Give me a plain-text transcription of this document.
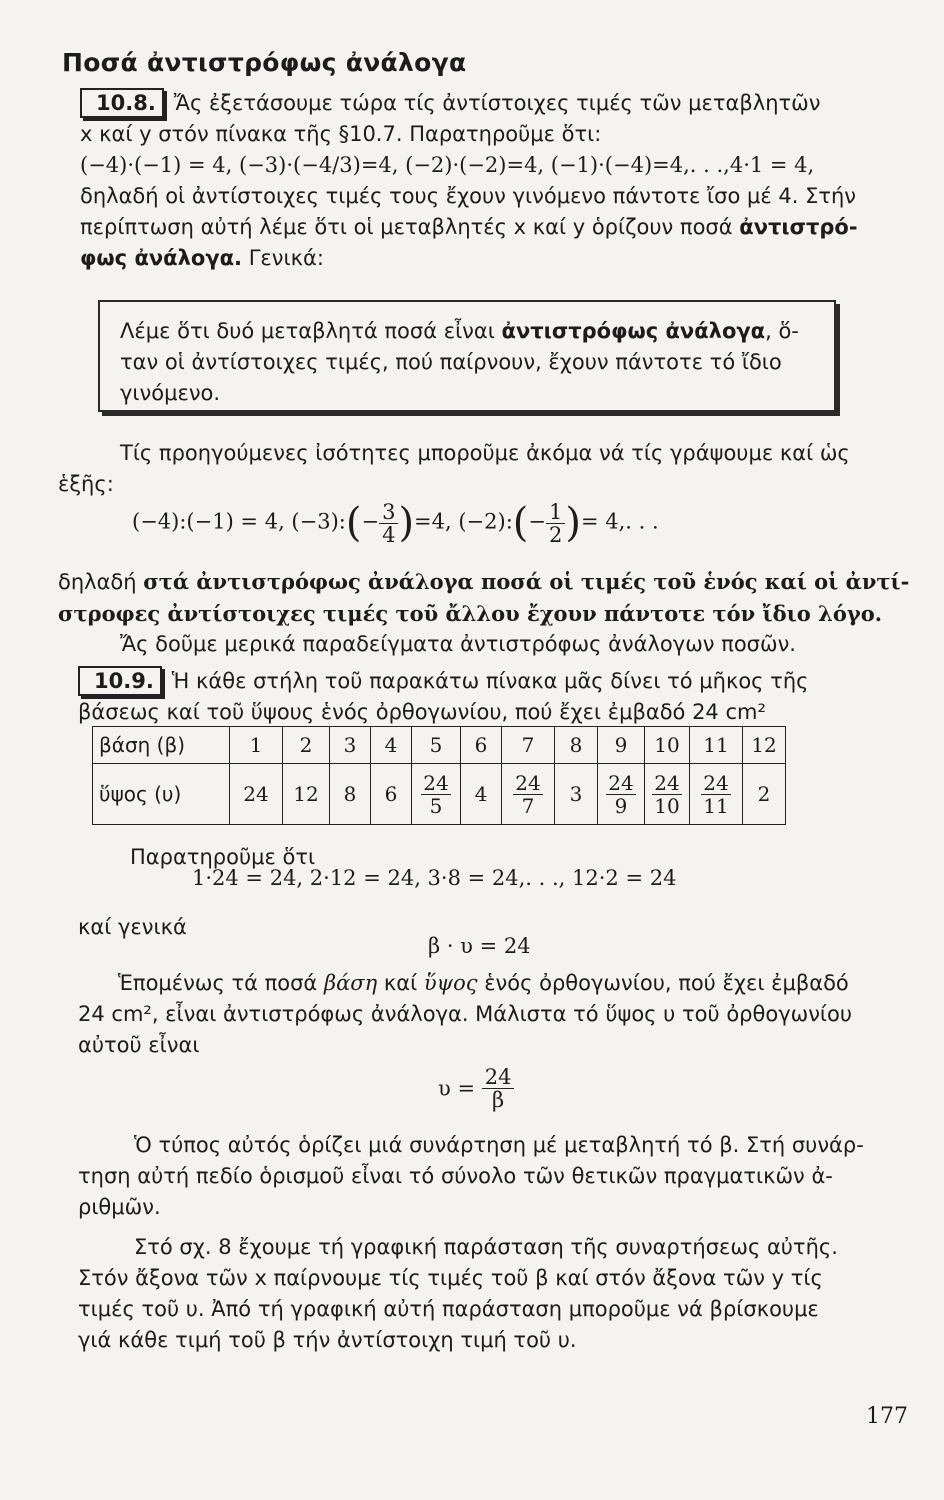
Ποσά ἀντιστρόφως ἀνάλογα
10.8. Ἄς ἐξετάσουμε τώρα τίς ἀντίστοιχες τιμές τῶν μεταβλητῶν
x καί y στόν πίνακα τῆς §10.7. Παρατηροῦμε ὅτι:
(−4)·(−1) = 4, (−3)·(−4/3)=4, (−2)·(−2)=4, (−1)·(−4)=4,. . .,4·1 = 4,
δηλαδή οἱ ἀντίστοιχες τιμές τους ἔχουν γινόμενο πάντοτε ἴσο μέ 4. Στήν
περίπτωση αὐτή λέμε ὅτι οἱ μεταβλητές x καί y ὁρίζουν ποσά ἀντιστρό-
φως ἀνάλογα. Γενικά:
Λέμε ὅτι δυό μεταβλητά ποσά εἶναι ἀντιστρόφως ἀνάλογα, ὅ-
ταν οἱ ἀντίστοιχες τιμές, πού παίρνουν, ἔχουν πάντοτε τό ἴδιο
γινόμενο.
Τίς προηγούμενες ἰσότητες μποροῦμε ἀκόμα νά τίς γράψουμε καί ὡς
ἑξῆς:
(−4):(−1) = 4, (−3):(− $\frac{3}{4} )=4$, (−2):(− $\frac{1}{2}$ )= 4,. . .
δηλαδή στά ἀντιστρόφως ἀνάλογα ποσά οἱ τιμές τοῦ ἑνός καί οἱ ἀντί-
στροφες ἀντίστοιχες τιμές τοῦ ἄλλου ἔχουν πάντοτε τόν ἴδιο λόγο.
Ἄς δοῦμε μερικά παραδείγματα ἀντιστρόφως ἀνάλογων ποσῶν.
10.9. Ἡ κάθε στήλη τοῦ παρακάτω πίνακα μᾶς δίνει τό μῆκος τῆς
βάσεως καί τοῦ ὕψους ἑνός ὀρθογωνίου, πού ἔχει ἐμβαδό 24 cm²
βάση (β)	1	2	3	4	5	6	7	8	9	10	11	12
ὕψος (υ)	24	12	8	6	$\frac{24}{5}$	4	$\frac{24}{7}$	3	$\frac{24}{9}$	$\frac{24}{10}$	$\frac{24}{11}$	2
Παρατηροῦμε ὅτι
1·24 = 24, 2·12 = 24, 3·8 = 24,. . ., 12·2 = 24
καί γενικά
β · υ = 24
Ἑπομένως τά ποσά βάση καί ὕψος ἑνός ὀρθογωνίου, πού ἔχει ἐμβαδό
24 cm², εἶναι ἀντιστρόφως ἀνάλογα. Μάλιστα τό ὕψος υ τοῦ ὀρθογωνίου
αὐτοῦ εἶναι
$\upsilon = \frac{24}{\beta}$
Ὁ τύπος αὐτός ὁρίζει μιά συνάρτηση μέ μεταβλητή τό β. Στή συνάρ-
τηση αὐτή πεδίο ὁρισμοῦ εἶναι τό σύνολο τῶν θετικῶν πραγματικῶν ἀ-
ριθμῶν.
Στό σχ. 8 ἔχουμε τή γραφική παράσταση τῆς συναρτήσεως αὐτῆς.
Στόν ἄξονα τῶν x παίρνουμε τίς τιμές τοῦ β καί στόν ἄξονα τῶν y τίς
τιμές τοῦ υ. Ἀπό τή γραφική αὐτή παράσταση μποροῦμε νά βρίσκουμε
γιά κάθε τιμή τοῦ β τήν ἀντίστοιχη τιμή τοῦ υ.
177
